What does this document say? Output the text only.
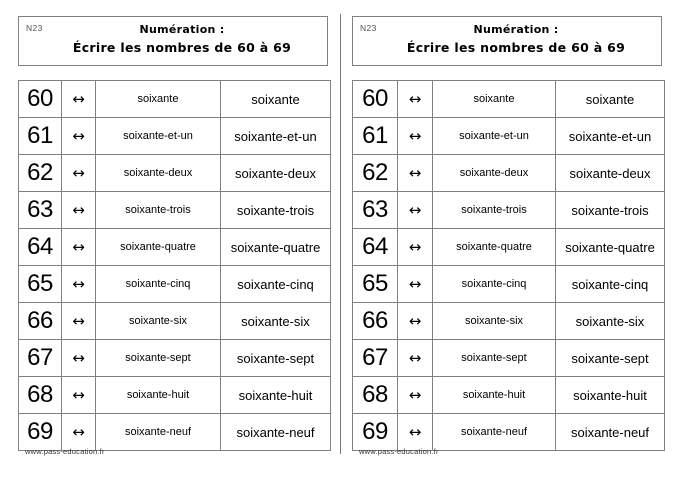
N23	Numération :
Écrire les nombres de 60 à 69
60	↔	soixante	soixante
61	↔	soixante-et-un	soixante-et-un
62	↔	soixante-deux	soixante-deux
63	↔	soixante-trois	soixante-trois
64	↔	soixante-quatre	soixante-quatre
65	↔	soixante-cinq	soixante-cinq
66	↔	soixante-six	soixante-six
67	↔	soixante-sept	soixante-sept
68	↔	soixante-huit	soixante-huit
69	↔	soixante-neuf	soixante-neuf
www.pass-education.fr
N23	Numération :
Écrire les nombres de 60 à 69
60	↔	soixante	soixante
61	↔	soixante-et-un	soixante-et-un
62	↔	soixante-deux	soixante-deux
63	↔	soixante-trois	soixante-trois
64	↔	soixante-quatre	soixante-quatre
65	↔	soixante-cinq	soixante-cinq
66	↔	soixante-six	soixante-six
67	↔	soixante-sept	soixante-sept
68	↔	soixante-huit	soixante-huit
69	↔	soixante-neuf	soixante-neuf
www.pass-education.fr
